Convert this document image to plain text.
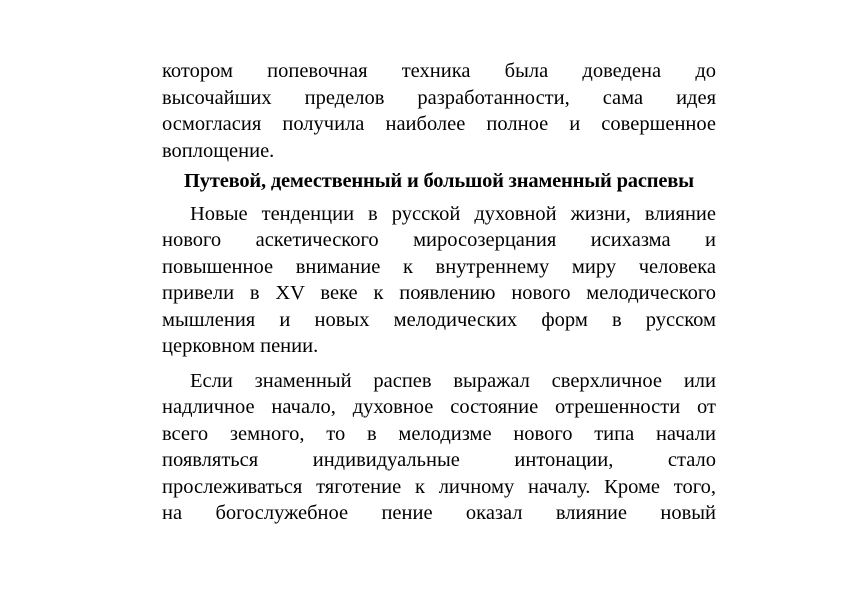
котором попевочная техника была доведена до
высочайших пределов разработанности, сама идея
осмогласия получила наиболее полное и совершенное
воплощение.
Путевой, демественный и большой знаменный распевы
Новые тенденции в русской духовной жизни, влияние
нового аскетического миросозерцания исихазма и
повышенное внимание к внутреннему миру человека
привели в XV веке к появлению нового мелодического
мышления и новых мелодических форм в русском
церковном пении.
Если знаменный распев выражал сверхличное или
надличное начало, духовное состояние отрешенности от
всего земного, то в мелодизме нового типа начали
появляться индивидуальные интонации, стало
прослеживаться тяготение к личному началу. Кроме того,
на богослужебное пение оказал влияние новый
